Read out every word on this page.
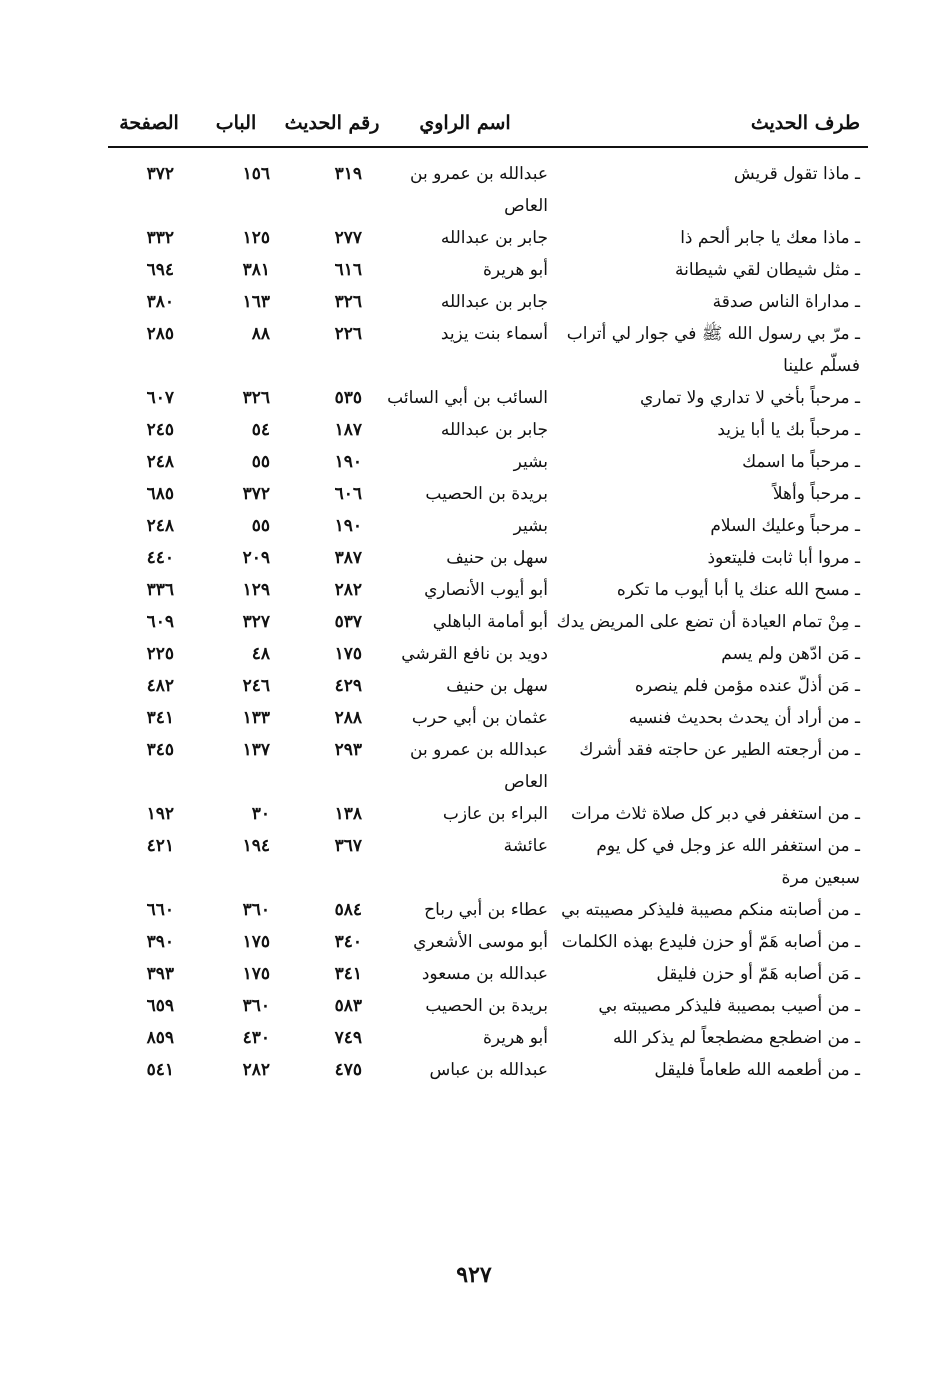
طرف الحديث
اسم الراوي
رقم الحديث
الباب
الصفحة
ـ ماذا تقول قريش
عبدالله بن عمرو بن العاص
٣١٩
١٥٦
٣٧٢
ـ ماذا معك يا جابر ألحم ذا
جابر بن عبدالله
٢٧٧
١٢٥
٣٣٢
ـ مثل شيطان لقي شيطانة
أبو هريرة
٦١٦
٣٨١
٦٩٤
ـ مداراة الناس صدقة
جابر بن عبدالله
٣٢٦
١٦٣
٣٨٠
ـ مرّ بي رسول الله ﷺ في جوار لي أتراب فسلّم علينا
أسماء بنت يزيد
٢٢٦
٨٨
٢٨٥
ـ مرحباً بأخي لا تداري ولا تماري
السائب بن أبي السائب
٥٣٥
٣٢٦
٦٠٧
ـ مرحباً بك يا أبا يزيد
جابر بن عبدالله
١٨٧
٥٤
٢٤٥
ـ مرحباً ما اسمك
بشير
١٩٠
٥٥
٢٤٨
ـ مرحباً وأهلاً
بريدة بن الحصيب
٦٠٦
٣٧٢
٦٨٥
ـ مرحباً وعليك السلام
بشير
١٩٠
٥٥
٢٤٨
ـ مروا أبا ثابت فليتعوذ
سهل بن حنيف
٣٨٧
٢٠٩
٤٤٠
ـ مسح الله عنك يا أبا أيوب ما تكره
أبو أيوب الأنصاري
٢٨٢
١٢٩
٣٣٦
ـ مِنْ تمام العيادة أن تضع على المريض يدك
أبو أمامة الباهلي
٥٣٧
٣٢٧
٦٠٩
ـ مَن ادّهن ولم يسم
دويد بن نافع القرشي
١٧٥
٤٨
٢٢٥
ـ مَن أذلّ عنده مؤمن فلم ينصره
سهل بن حنيف
٤٢٩
٢٤٦
٤٨٢
ـ من أراد أن يحدث بحديث فنسيه
عثمان بن أبي حرب
٢٨٨
١٣٣
٣٤١
ـ من أرجعته الطير عن حاجته فقد أشرك
عبدالله بن عمرو بن العاص
٢٩٣
١٣٧
٣٤٥
ـ من استغفر في دبر كل صلاة ثلاث مرات
البراء بن عازب
١٣٨
٣٠
١٩٢
ـ من استغفر الله عز وجل في كل يوم سبعين مرة
عائشة
٣٦٧
١٩٤
٤٢١
ـ من أصابته منكم مصيبة فليذكر مصيبته بي
عطاء بن أبي رباح
٥٨٤
٣٦٠
٦٦٠
ـ من أصابه هَمّ أو حزن فليدع بهذه الكلمات
أبو موسى الأشعري
٣٤٠
١٧٥
٣٩٠
ـ مَن أصابه هَمّ أو حزن فليقل
عبدالله بن مسعود
٣٤١
١٧٥
٣٩٣
ـ من أصيب بمصيبة فليذكر مصيبته بي
بريدة بن الحصيب
٥٨٣
٣٦٠
٦٥٩
ـ من اضطجع مضطجعاً لم يذكر الله
أبو هريرة
٧٤٩
٤٣٠
٨٥٩
ـ من أطعمه الله طعاماً فليقل
عبدالله بن عباس
٤٧٥
٢٨٢
٥٤١
٩٢٧
